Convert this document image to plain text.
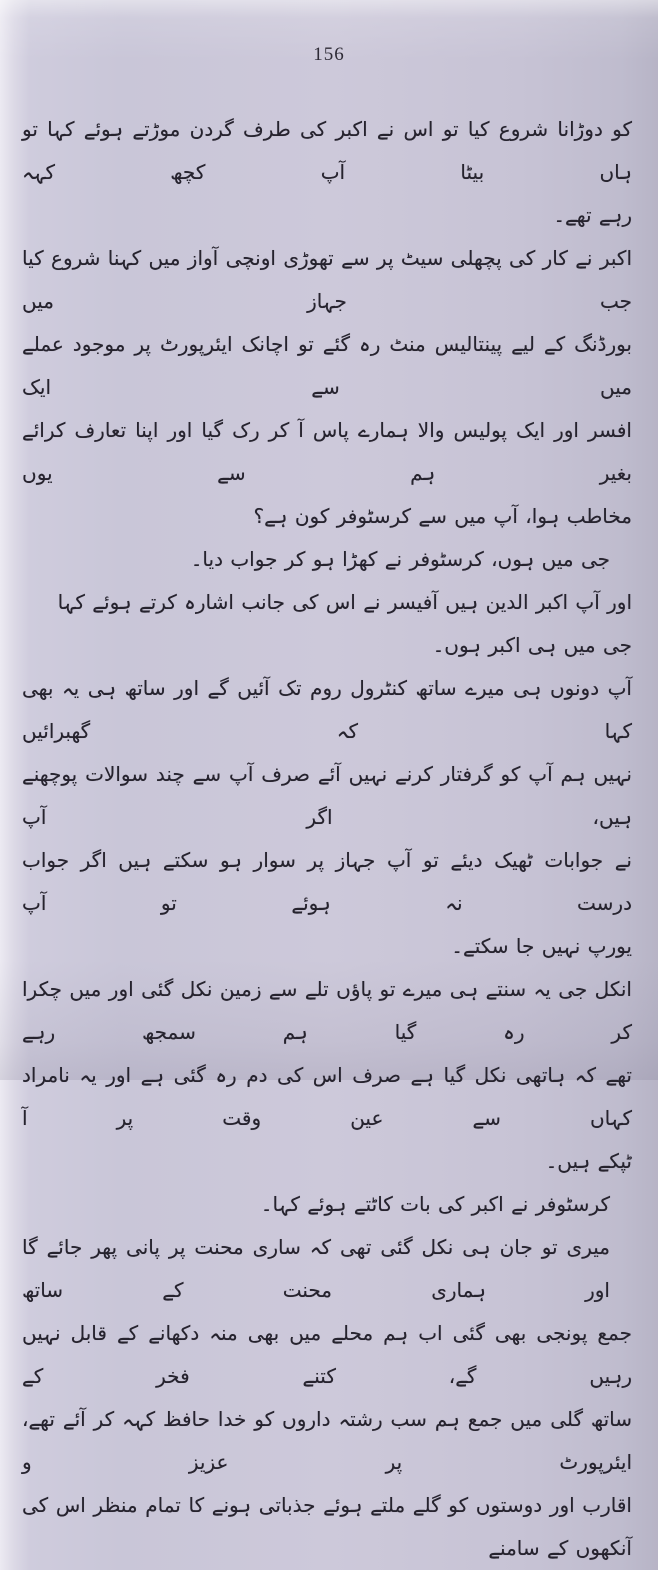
156
کو دوڑانا شروع کیا تو اس نے اکبر کی طرف گردن موڑتے ہوئے کہا تو ہاں بیٹا آپ کچھ کہہ
رہے تھے۔
اکبر نے کار کی پچھلی سیٹ پر سے تھوڑی اونچی آواز میں کہنا شروع کیا جب جہاز میں
بورڈنگ کے لیے پینتالیس منٹ رہ گئے تو اچانک ایئرپورٹ پر موجود عملے میں سے ایک
افسر اور ایک پولیس والا ہمارے پاس آ کر رک گیا اور اپنا تعارف کرائے بغیر ہم سے یوں
مخاطب ہوا، آپ میں سے کرسٹوفر کون ہے؟
جی میں ہوں، کرسٹوفر نے کھڑا ہو کر جواب دیا۔
اور آپ اکبر الدین ہیں آفیسر نے اس کی جانب اشارہ کرتے ہوئے کہا
جی میں ہی اکبر ہوں۔
آپ دونوں ہی میرے ساتھ کنٹرول روم تک آئیں گے اور ساتھ ہی یہ بھی کہا کہ گھبرائیں
نہیں ہم آپ کو گرفتار کرنے نہیں آئے صرف آپ سے چند سوالات پوچھنے ہیں، اگر آپ
نے جوابات ٹھیک دیئے تو آپ جہاز پر سوار ہو سکتے ہیں اگر جواب درست نہ ہوئے تو آپ
یورپ نہیں جا سکتے۔
انکل جی یہ سنتے ہی میرے تو پاؤں تلے سے زمین نکل گئی اور میں چکرا کر رہ گیا ہم سمجھ رہے
تھے کہ ہاتھی نکل گیا ہے صرف اس کی دم رہ گئی ہے اور یہ نامراد کہاں سے عین وقت پر آ
ٹپکے ہیں۔
کرسٹوفر نے اکبر کی بات کاٹتے ہوئے کہا۔
میری تو جان ہی نکل گئی تھی کہ ساری محنت پر پانی پھر جائے گا اور ہماری محنت کے ساتھ
جمع پونجی بھی گئی اب ہم محلے میں بھی منہ دکھانے کے قابل نہیں رہیں گے، کتنے فخر کے
ساتھ گلی میں جمع ہم سب رشتہ داروں کو خدا حافظ کہہ کر آئے تھے، ایئرپورٹ پر عزیز و
اقارب اور دوستوں کو گلے ملتے ہوئے جذباتی ہونے کا تمام منظر اس کی آنکھوں کے سامنے
